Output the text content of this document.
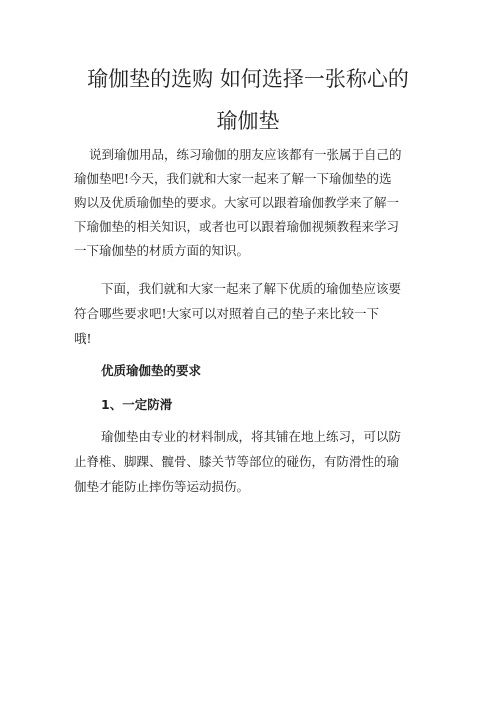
瑜伽垫的选购 如何选择一张称心的
瑜伽垫
说到瑜伽用品，练习瑜伽的朋友应该都有一张属于自己的
瑜伽垫吧!今天，我们就和大家一起来了解一下瑜伽垫的选
购以及优质瑜伽垫的要求。大家可以跟着瑜伽教学来了解一
下瑜伽垫的相关知识，或者也可以跟着瑜伽视频教程来学习
一下瑜伽垫的材质方面的知识。
下面，我们就和大家一起来了解下优质的瑜伽垫应该要
符合哪些要求吧!大家可以对照着自己的垫子来比较一下
哦!
优质瑜伽垫的要求
1、一定防滑
瑜伽垫由专业的材料制成，将其铺在地上练习，可以防
止脊椎、脚踝、髋骨、膝关节等部位的碰伤，有防滑性的瑜
伽垫才能防止摔伤等运动损伤。
